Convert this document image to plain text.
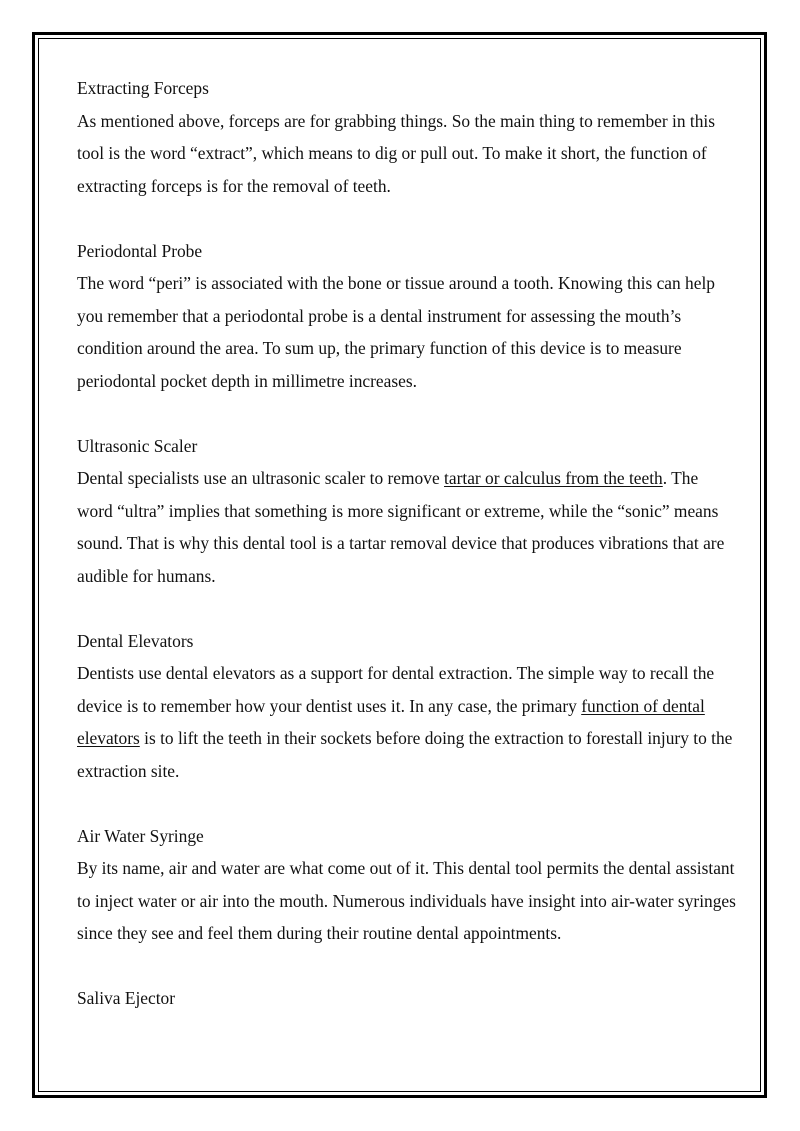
Extracting Forceps

As mentioned above, forceps are for grabbing things. So the main thing to remember in this tool is the word “extract”, which means to dig or pull out. To make it short, the function of extracting forceps is for the removal of teeth.

Periodontal Probe

The word “peri” is associated with the bone or tissue around a tooth. Knowing this can help you remember that a periodontal probe is a dental instrument for assessing the mouth’s condition around the area. To sum up, the primary function of this device is to measure periodontal pocket depth in millimetre increases.

Ultrasonic Scaler

Dental specialists use an ultrasonic scaler to remove tartar or calculus from the teeth. The word “ultra” implies that something is more significant or extreme, while the “sonic” means sound. That is why this dental tool is a tartar removal device that produces vibrations that are audible for humans.

Dental Elevators

Dentists use dental elevators as a support for dental extraction. The simple way to recall the device is to remember how your dentist uses it. In any case, the primary function of dental elevators is to lift the teeth in their sockets before doing the extraction to forestall injury to the extraction site.

Air Water Syringe

By its name, air and water are what come out of it. This dental tool permits the dental assistant to inject water or air into the mouth. Numerous individuals have insight into air-water syringes since they see and feel them during their routine dental appointments.

Saliva Ejector
